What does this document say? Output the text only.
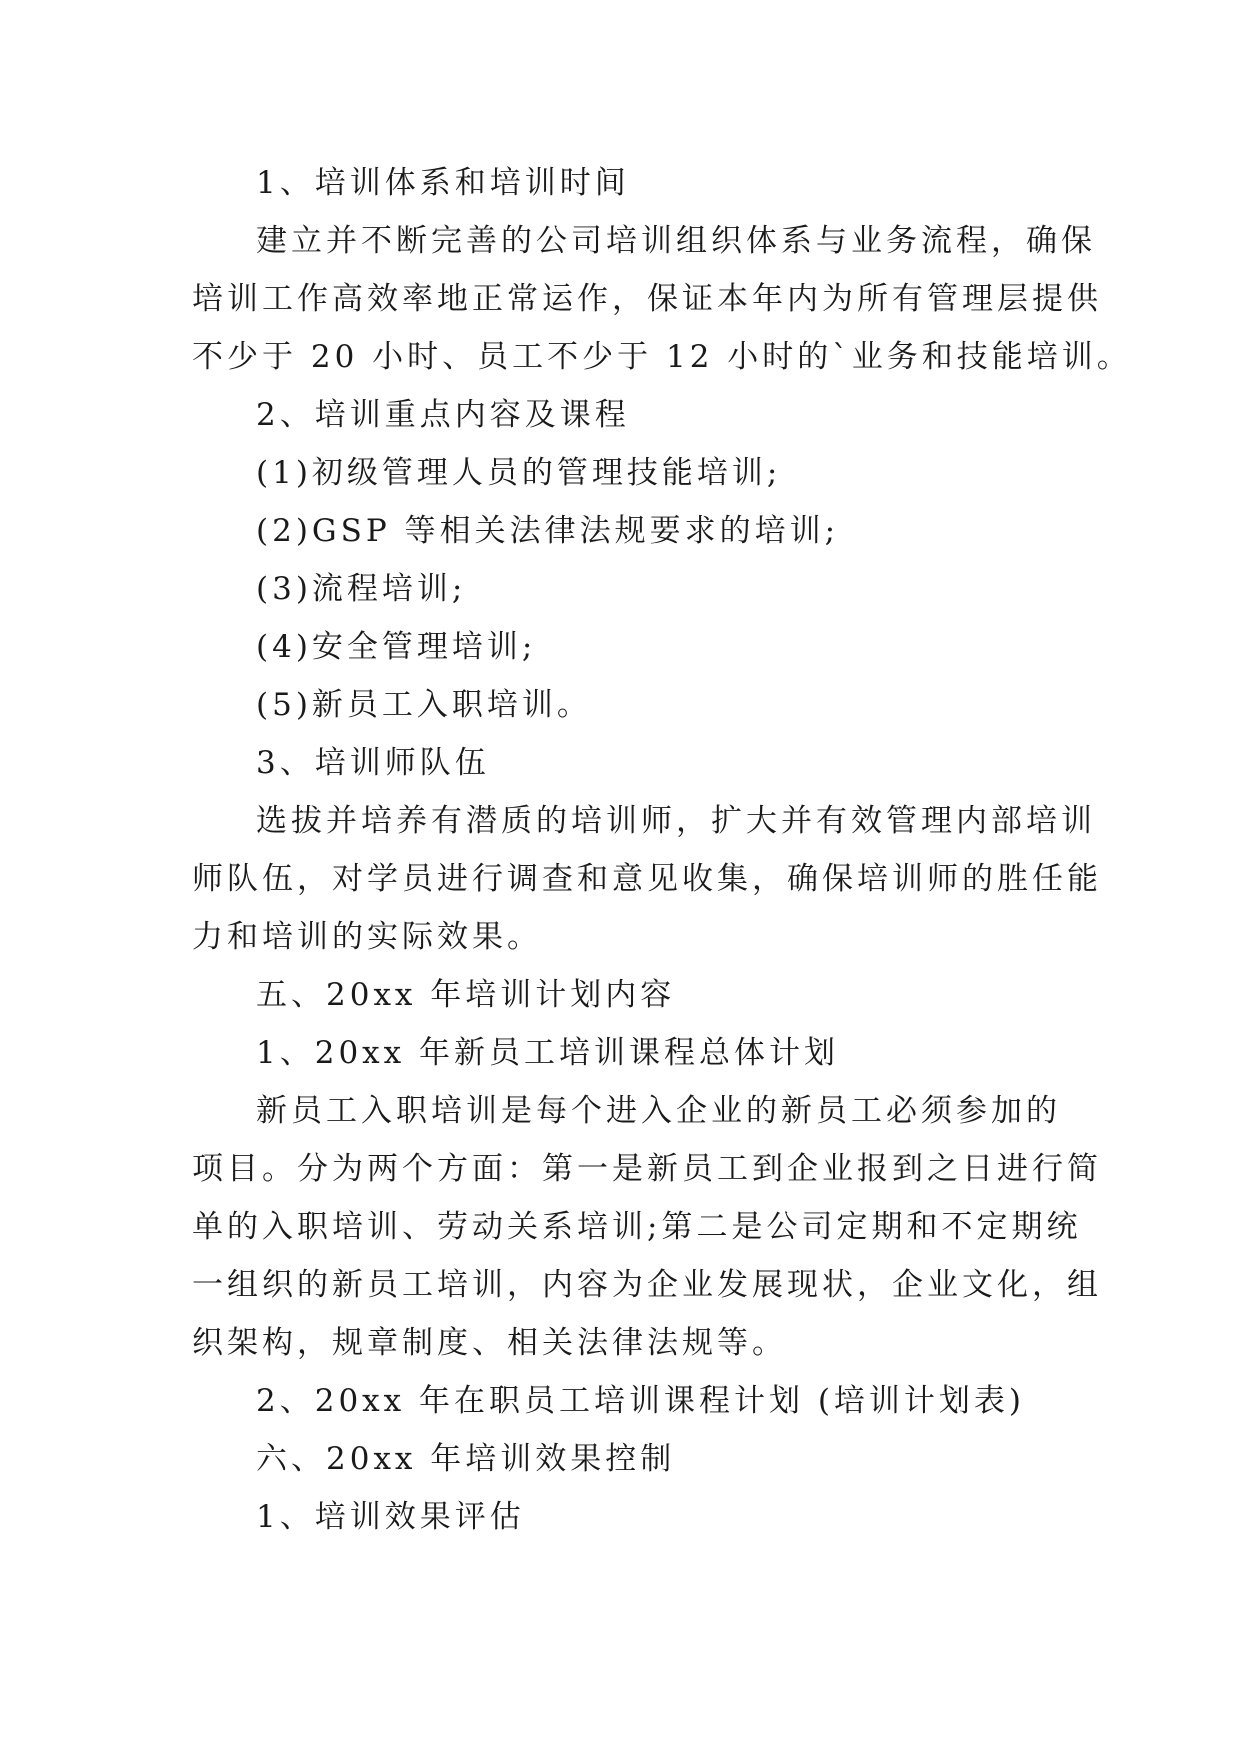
1、培训体系和培训时间
建立并不断完善的公司培训组织体系与业务流程，确保
培训工作高效率地正常运作，保证本年内为所有管理层提供
不少于 20 小时、员工不少于 12 小时的`业务和技能培训。
2、培训重点内容及课程
(1)初级管理人员的管理技能培训;
(2)GSP 等相关法律法规要求的培训;
(3)流程培训;
(4)安全管理培训;
(5)新员工入职培训。
3、培训师队伍
选拔并培养有潜质的培训师，扩大并有效管理内部培训
师队伍，对学员进行调查和意见收集，确保培训师的胜任能
力和培训的实际效果。
五、20xx 年培训计划内容
1、20xx 年新员工培训课程总体计划
新员工入职培训是每个进入企业的新员工必须参加的
项目。分为两个方面：第一是新员工到企业报到之日进行简
单的入职培训、劳动关系培训;第二是公司定期和不定期统
一组织的新员工培训，内容为企业发展现状，企业文化，组
织架构，规章制度、相关法律法规等。
2、20xx 年在职员工培训课程计划 (培训计划表)
六、20xx 年培训效果控制
1、培训效果评估
